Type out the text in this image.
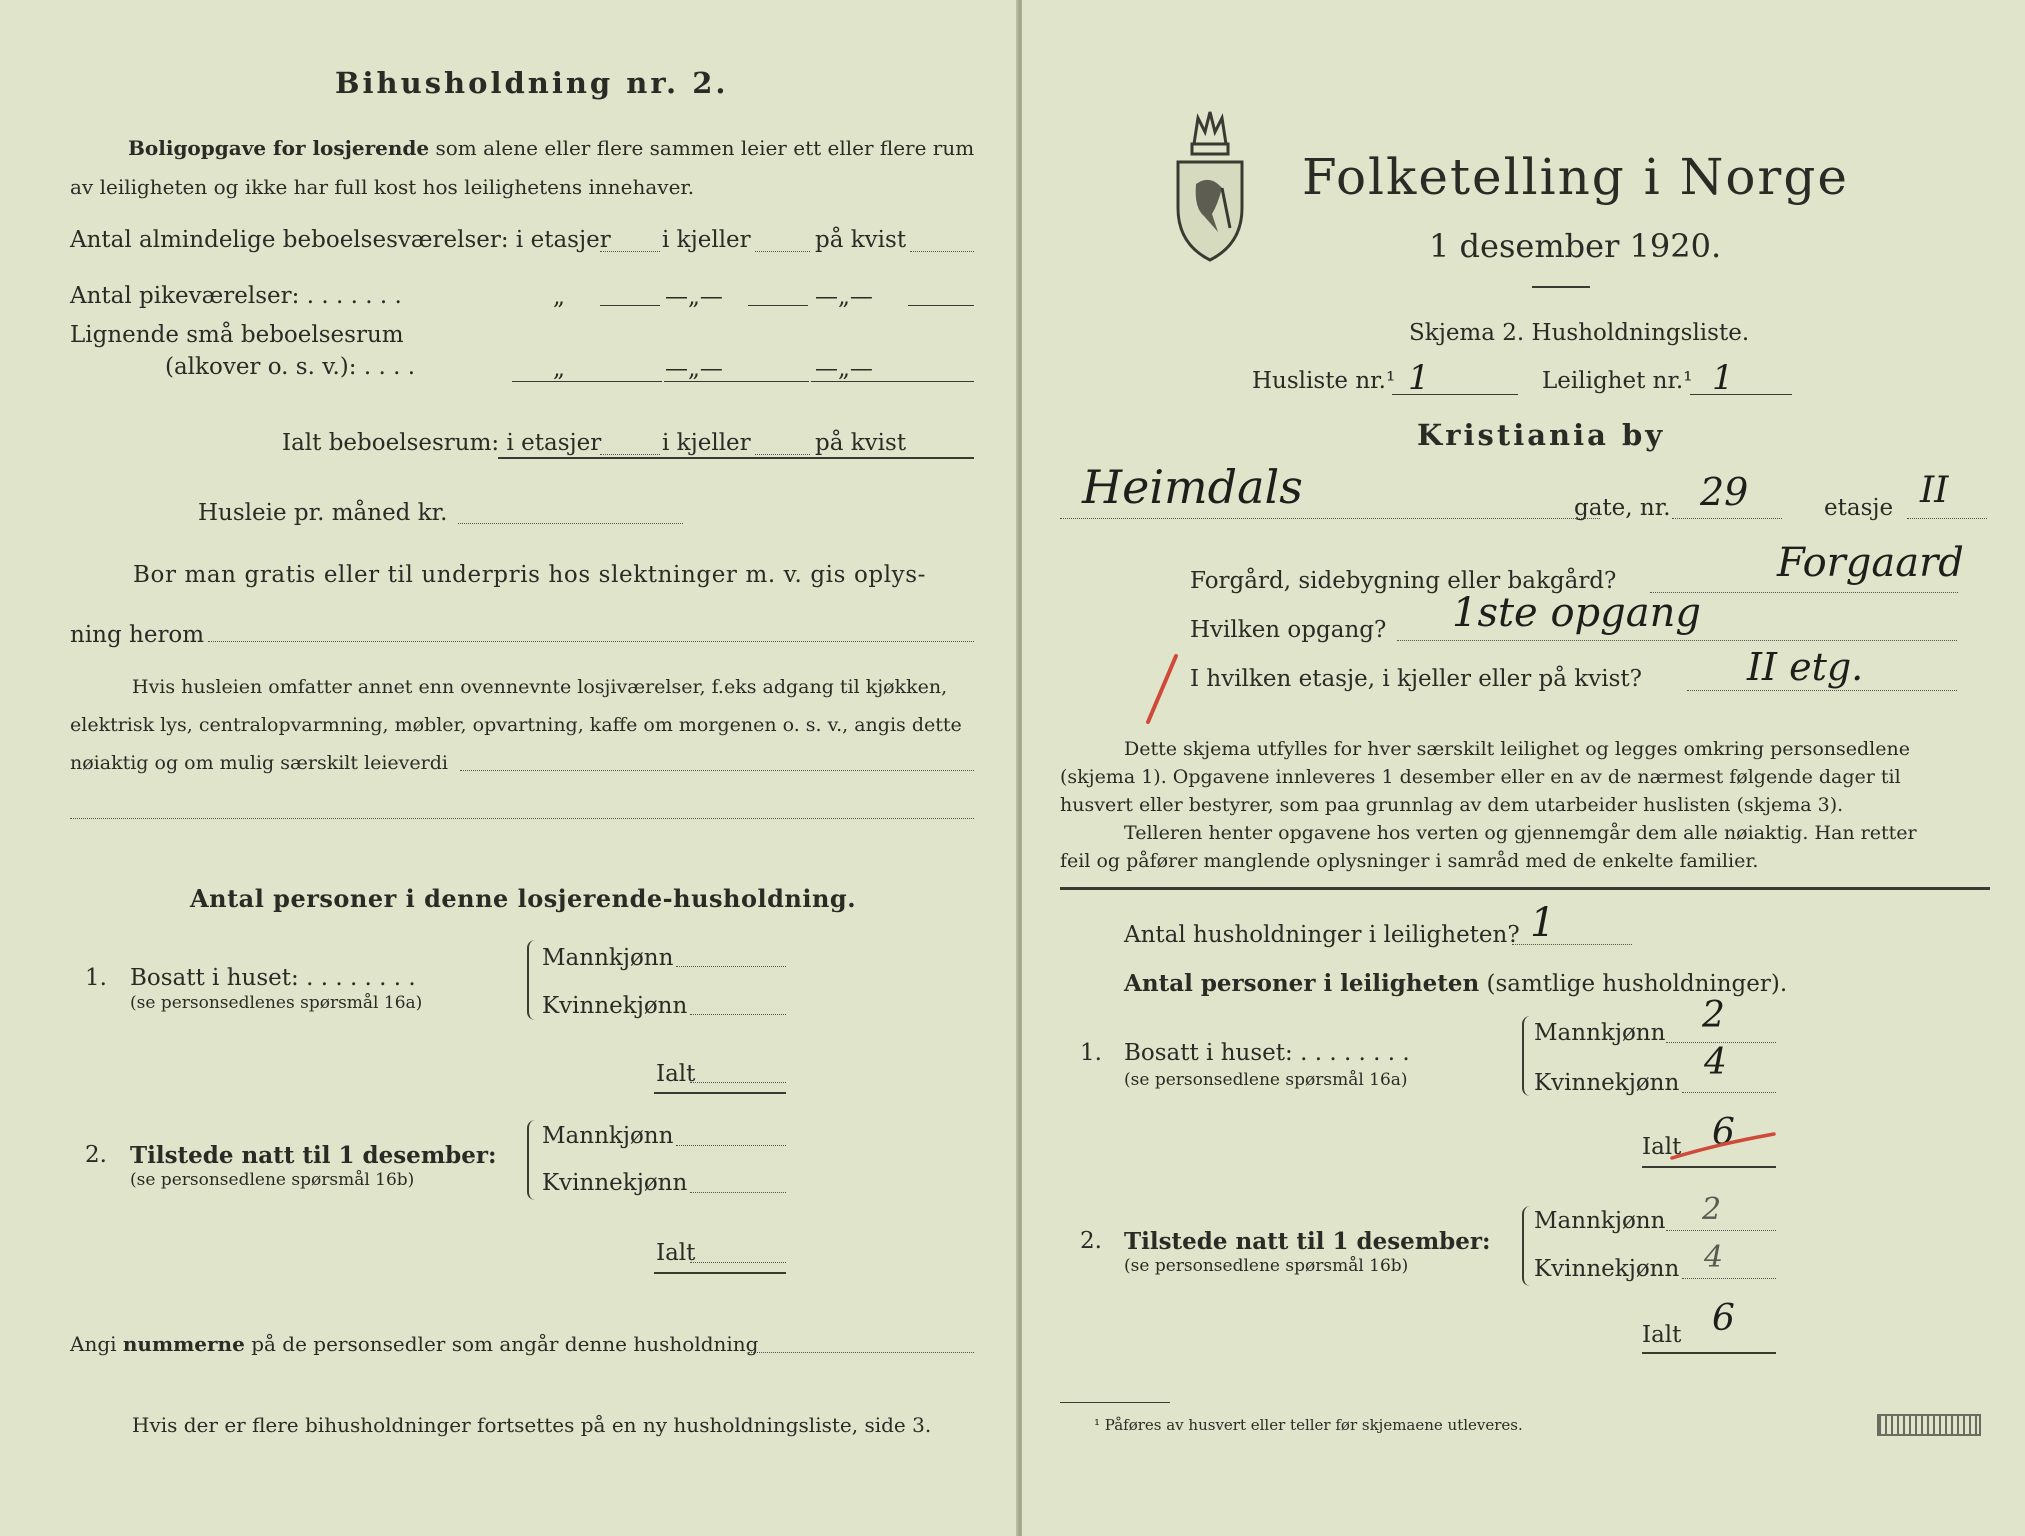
Bihusholdning nr. 2.
Boligopgave for losjerende som alene eller flere sammen leier ett eller flere rum
av leiligheten og ikke har full kost hos leilighetens innehaver.
Antal almindelige beboelsesværelser: i etasjer i kjeller	på kvist
Antal pikeværelser: . . . . . . .	„	—„—	—„—
Lignende små beboelsesrum
(alkover o. s. v.): . . . .	„	—„—	—„—
Ialt beboelsesrum: i etasjer	i kjeller	på kvist
Husleie pr. måned kr.
Bor man gratis eller til underpris hos slektninger m. v. gis oplys-
ning herom
Hvis husleien omfatter annet enn ovennevnte losjiværelser, f.eks adgang til kjøkken,
elektrisk lys, centralopvarmning, møbler, opvartning, kaffe om morgenen o. s. v., angis dette
nøiaktig og om mulig særskilt leieverdi
Antal personer i denne losjerende-husholdning.
1. Bosatt i huset: . . . . . . . .
(se personsedlenes spørsmål 16a)
Mannkjønn
Kvinnekjønn
Ialt
2. Tilstede natt til 1 desember:
(se personsedlene spørsmål 16b)
Mannkjønn
Kvinnekjønn
Ialt
Angi nummerne på de personsedler som angår denne husholdning
Hvis der er flere bihusholdninger fortsettes på en ny husholdningsliste, side 3.
Folketelling i Norge
1 desember 1920.
Skjema 2. Husholdningsliste.
Husliste nr.¹ 1	Leilighet nr.¹ 1
Kristiania by
Heimdals	gate, nr. 29	etasje II
Forgård, sidebygning eller bakgård?	Forgaard
Hvilken opgang? 1ste opgang
I hvilken etasje, i kjeller eller på kvist?	II etg.
Dette skjema utfylles for hver særskilt leilighet og legges omkring personsedlene
(skjema 1). Opgavene innleveres 1 desember eller en av de nærmest følgende dager til
husvert eller bestyrer, som paa grunnlag av dem utarbeider huslisten (skjema 3).
Telleren henter opgavene hos verten og gjennemgår dem alle nøiaktig. Han retter
feil og påfører manglende oplysninger i samråd med de enkelte familier.
Antal husholdninger i leiligheten? 1
Antal personer i leiligheten (samtlige husholdninger).
1. Bosatt i huset: . . . . . . . .
(se personsedlene spørsmål 16a)
Mannkjønn 2
Kvinnekjønn 4
Ialt 6
2. Tilstede natt til 1 desember:
(se personsedlene spørsmål 16b)
Mannkjønn 2
Kvinnekjønn 4
Ialt 6
¹ Påføres av husvert eller teller før skjemaene utleveres.
